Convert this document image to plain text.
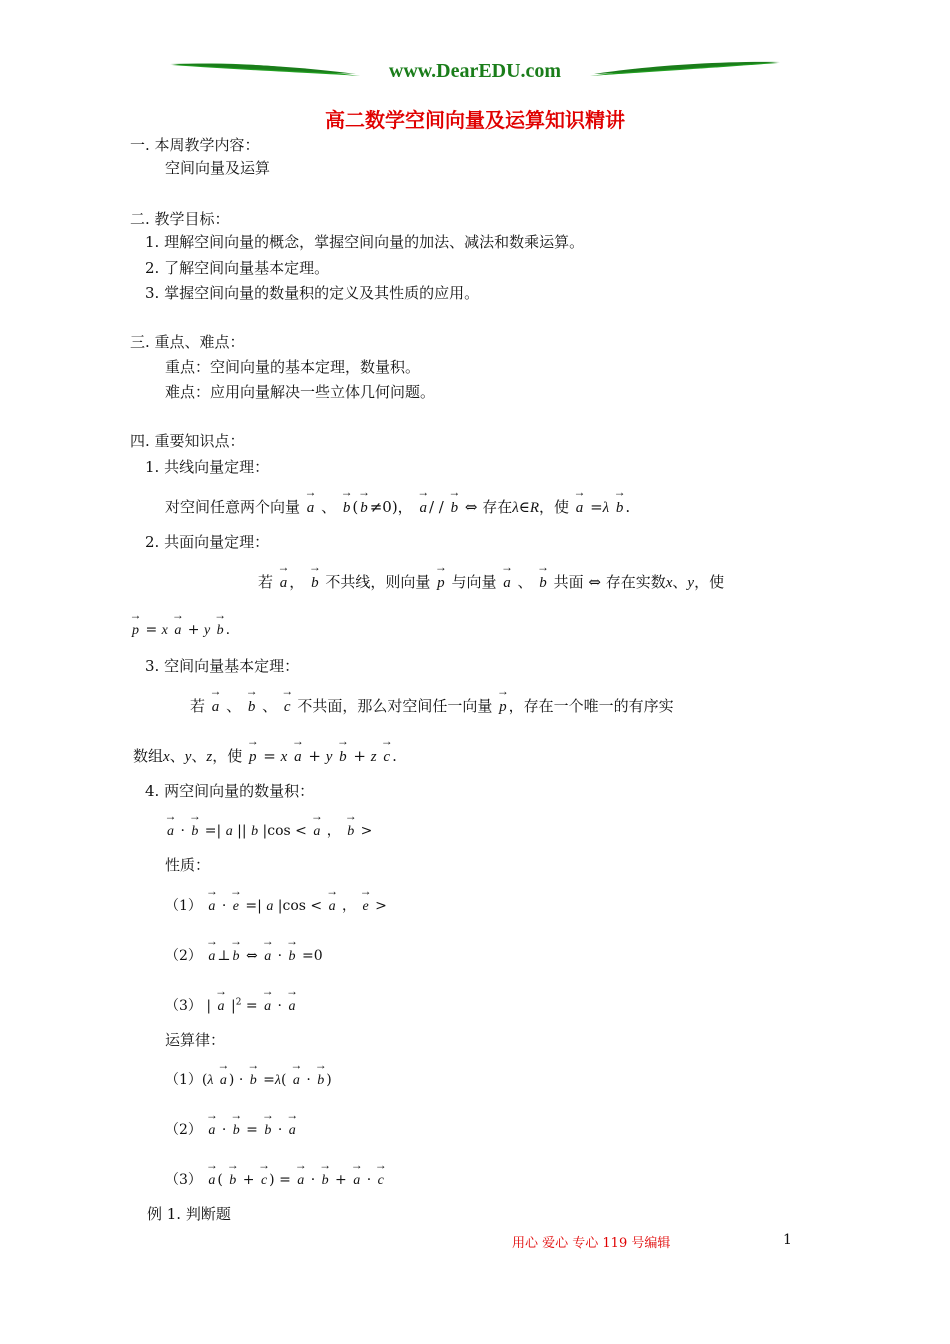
www.DearEDU.com
高二数学空间向量及运算知识精讲
一. 本周教学内容：
空间向量及运算
二. 教学目标：
1. 理解空间向量的概念，掌握空间向量的加法、减法和数乘运算。
2. 了解空间向量基本定理。
3. 掌握空间向量的数量积的定义及其性质的应用。
三. 重点、难点：
重点：空间向量的基本定理，数量积。
难点：应用向量解决一些立体几何问题。
四. 重要知识点：
1. 共线向量定理：
对空间任意两个向量 → a 、 → b ( → b ≠0)， → a / / → b ⇔ 存在λ∈R，使 → a =λ → b .
2. 共面向量定理：
若 → a ， → b 不共线，则向量 → p 与向量 → a 、 → b 共面 ⇔ 存在实数x、y，使
→ p = x → a + y → b .
3. 空间向量基本定理：
若 → a 、 → b 、 → c 不共面，那么对空间任一向量 → p ，存在一个唯一的有序实
数组x、y、z，使 → p = x → a + y → b + z → c .
4. 两空间向量的数量积：
→ a · → b =| a || b |cos < → a ， → b >
性质：
（1） → a · → e =| a |cos < → a ， → e >
（2） → a ⊥ → b ⇔ → a · → b =0
（3） | → a $|^2$ = → a · → a
运算律：
（1）(λ → a ) · → b =λ( → a · → b )
（2） → a · → b = → b · → a
（3） → a ( → b + → c ) = → a · → b + → a · → c
例 1. 判断题
用心 爱心 专心 119 号编辑	1
